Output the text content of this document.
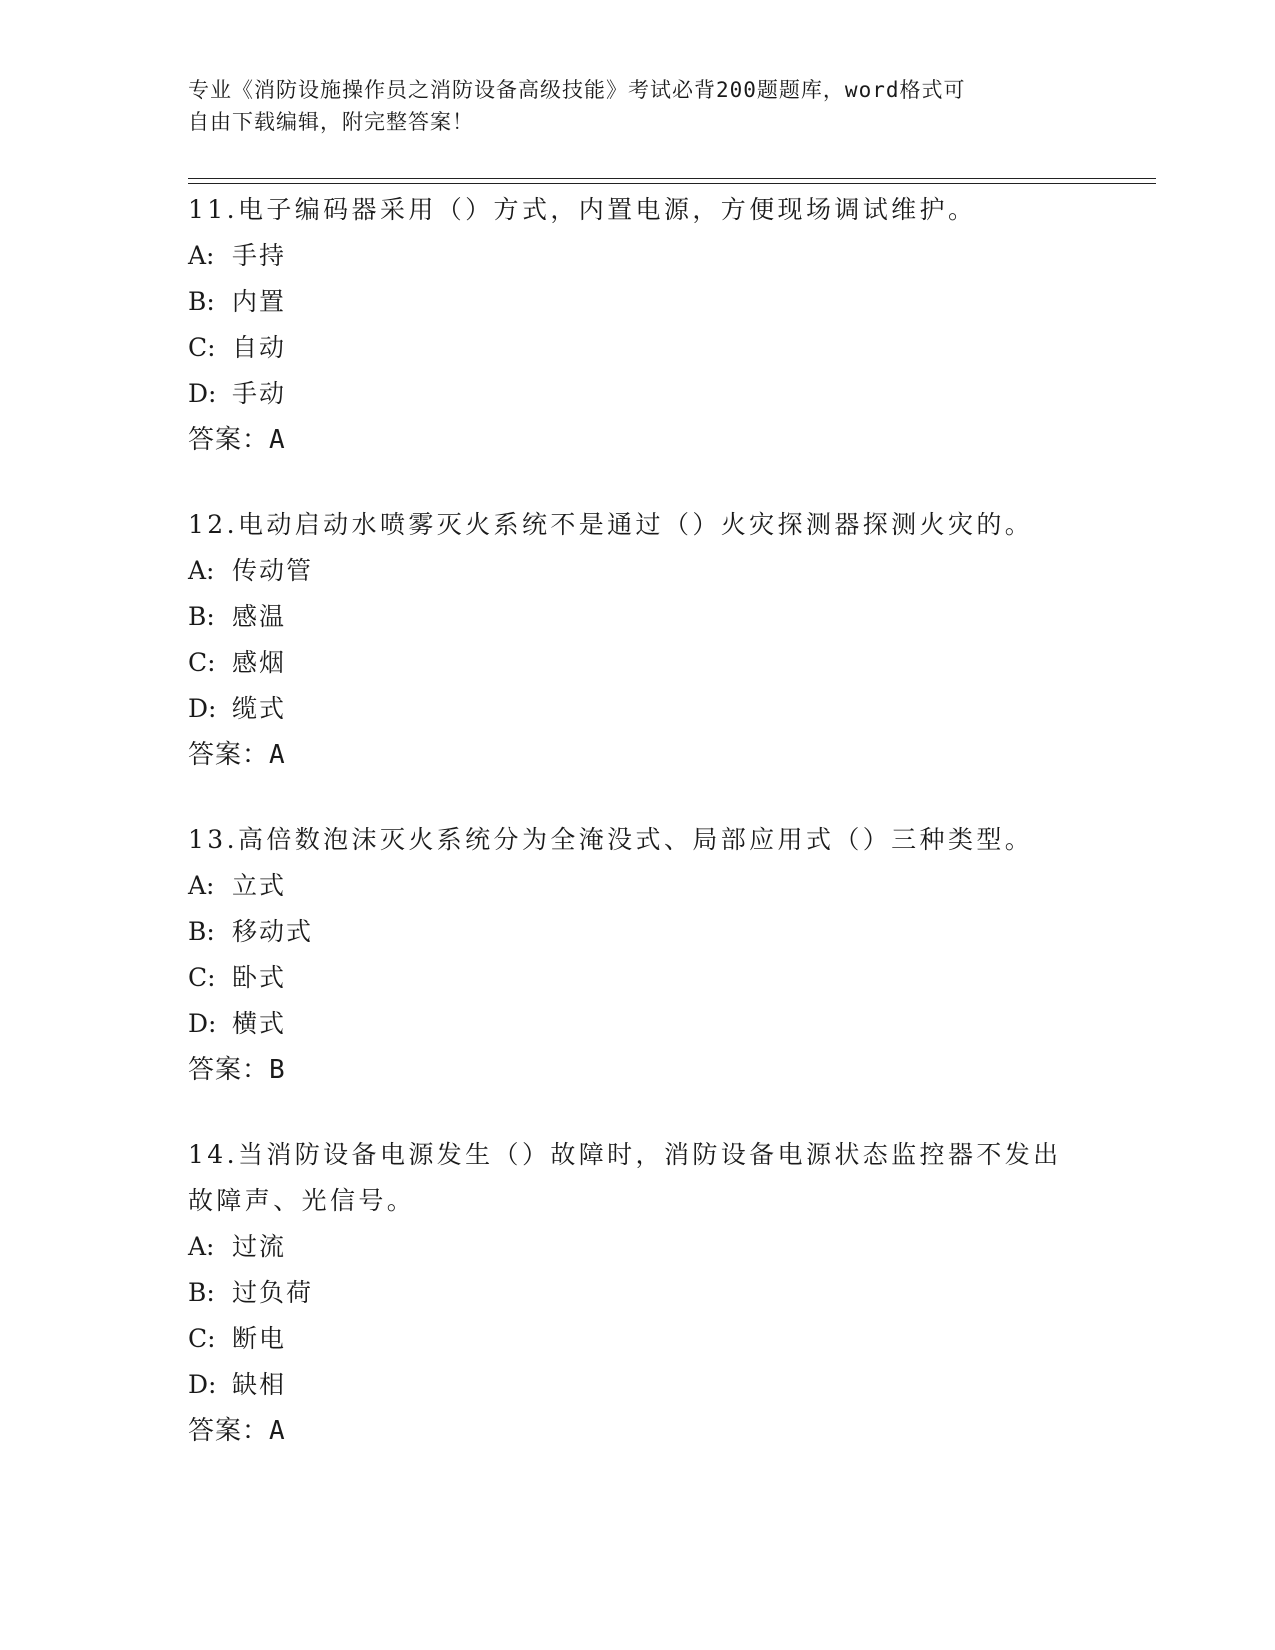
专业《消防设施操作员之消防设备高级技能》考试必背200题题库，word格式可
自由下载编辑，附完整答案！

11.电子编码器采用（）方式，内置电源，方便现场调试维护。

A: 手持
B: 内置
C: 自动
D: 手动
答案：A

12.电动启动水喷雾灭火系统不是通过（）火灾探测器探测火灾的。

A: 传动管
B: 感温
C: 感烟
D: 缆式
答案：A

13.高倍数泡沫灭火系统分为全淹没式、局部应用式（）三种类型。

A: 立式
B: 移动式
C: 卧式
D: 横式
答案：B

14.当消防设备电源发生（）故障时，消防设备电源状态监控器不发出故障声、光信号。

A: 过流
B: 过负荷
C: 断电
D: 缺相
答案：A
